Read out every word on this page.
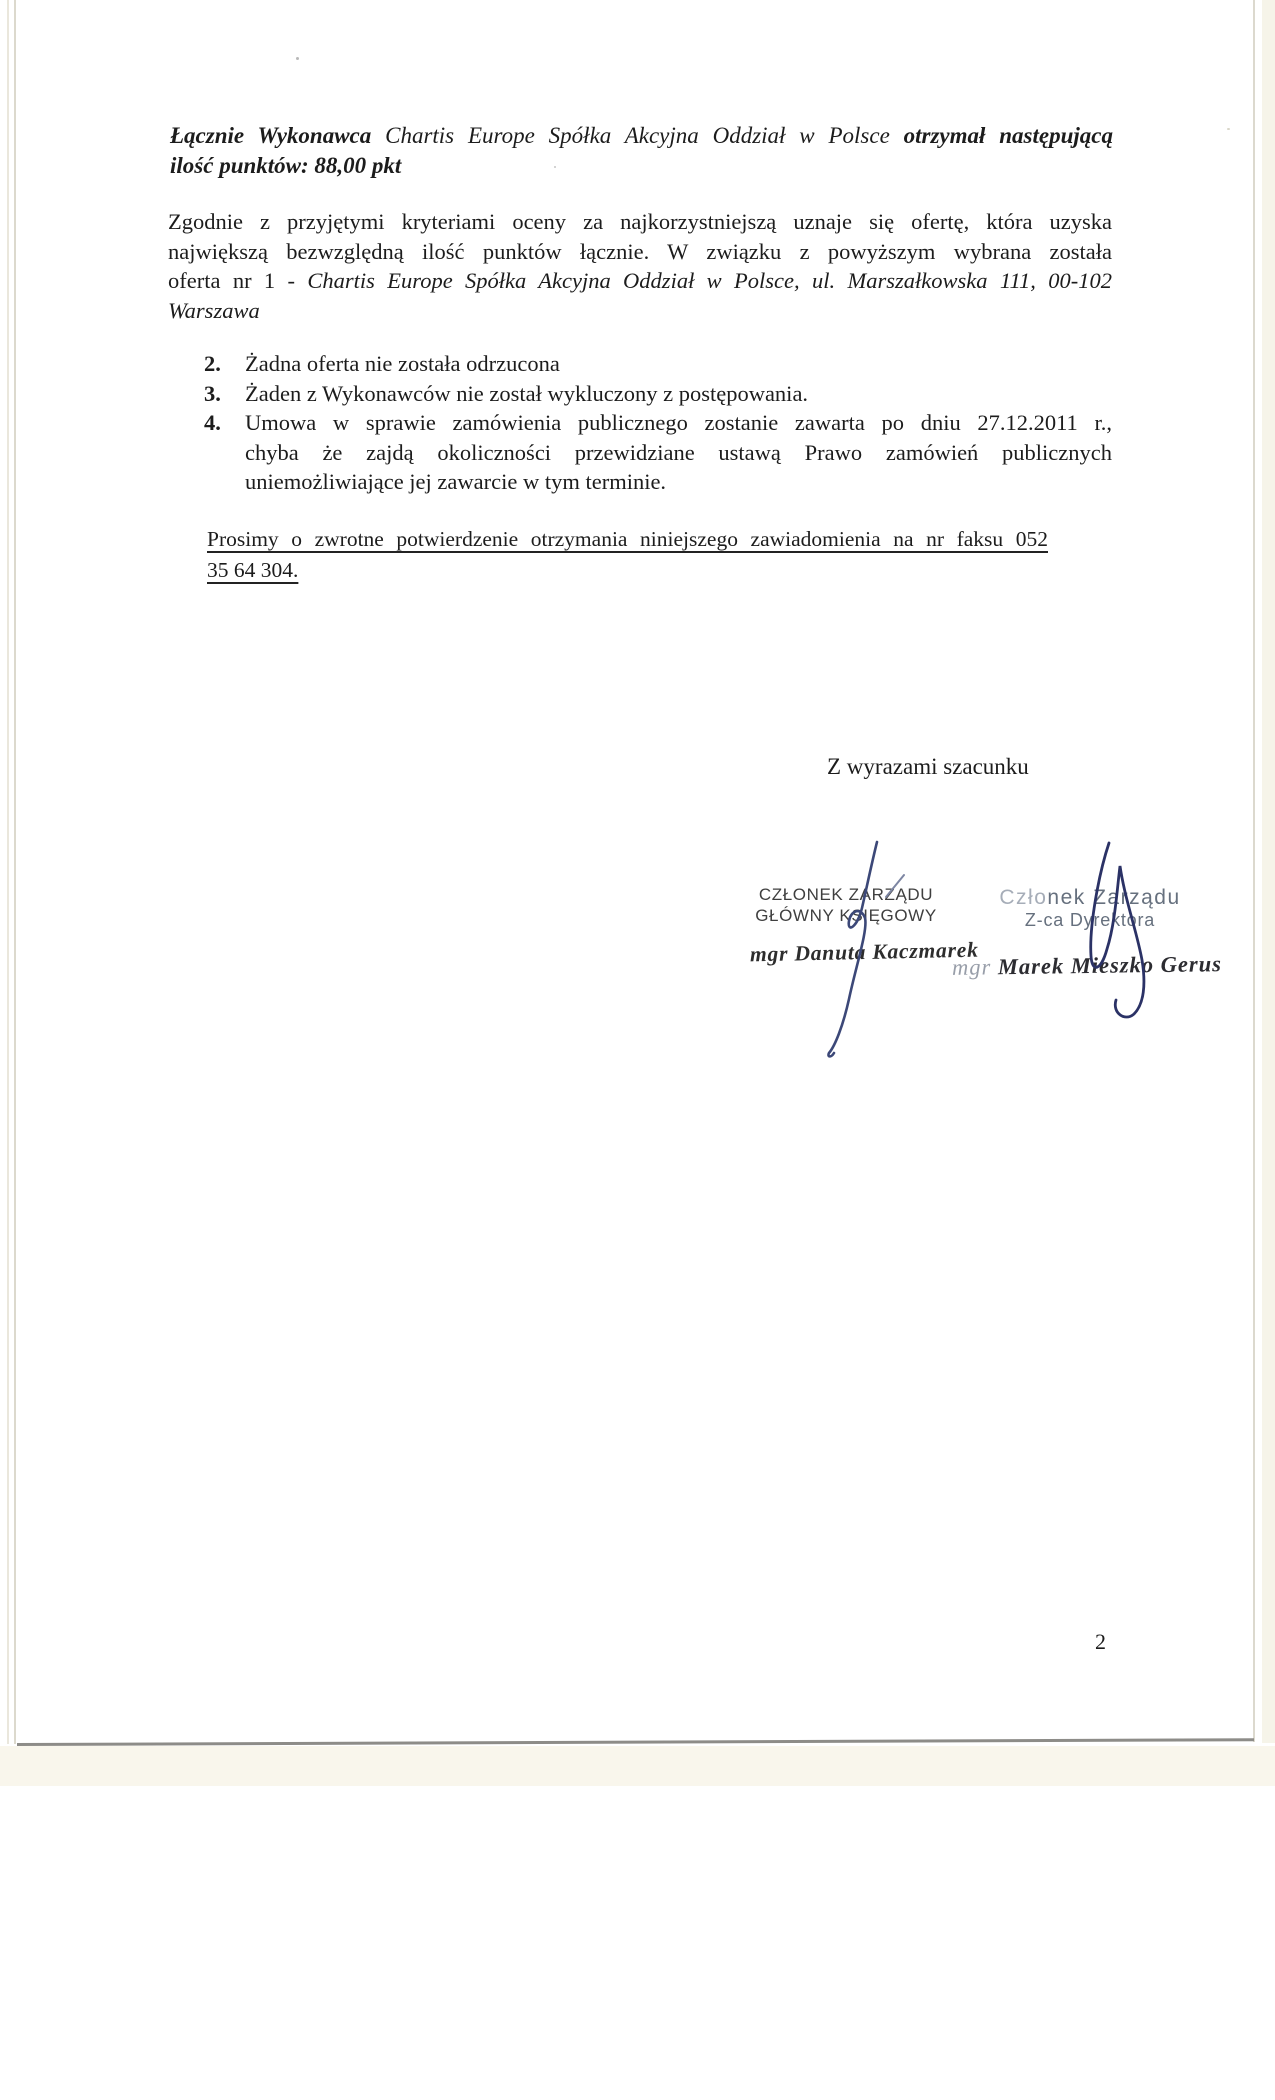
Łącznie Wykonawca Chartis Europe Spółka Akcyjna Oddział w Polsce otrzymał następującą
ilość punktów: 88,00 pkt
Zgodnie z przyjętymi kryteriami oceny za najkorzystniejszą uznaje się ofertę, która uzyska
największą bezwzględną ilość punktów łącznie. W związku z powyższym wybrana została
oferta nr 1 - Chartis Europe Spółka Akcyjna Oddział w Polsce, ul. Marszałkowska 111, 00-102
Warszawa
2.	Żadna oferta nie została odrzucona
3.	Żaden z Wykonawców nie został wykluczony z postępowania.
4.	Umowa w sprawie zamówienia publicznego zostanie zawarta po dniu 27.12.2011 r.,
chyba że zajdą okoliczności przewidziane ustawą Prawo zamówień publicznych
uniemożliwiające jej zawarcie w tym terminie.
Prosimy o zwrotne potwierdzenie otrzymania niniejszego zawiadomienia na nr faksu 052
35 64 304.
Z wyrazami szacunku
CZŁONEK ZARZĄDU
GŁÓWNY KSIĘGOWY
mgr Danuta Kaczmarek
Członek Zarządu
Z-ca Dyrektora
mgr Marek Mieszko Gerus
2
